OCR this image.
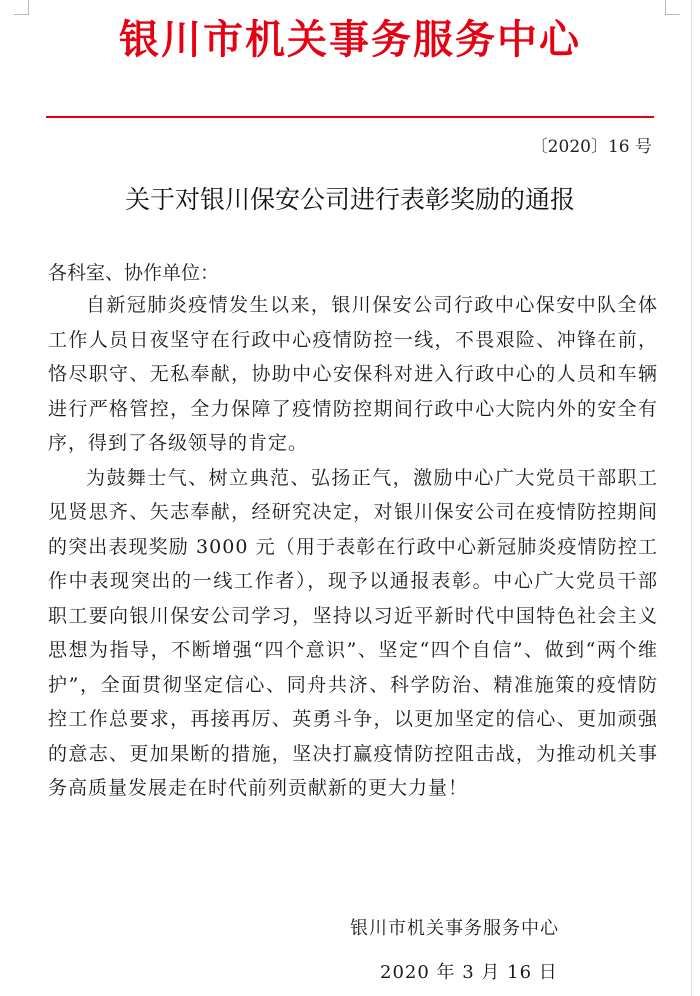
银川市机关事务服务中心
〔2020〕16 号
关于对银川保安公司进行表彰奖励的通报
各科室、协作单位：

自新冠肺炎疫情发生以来，银川保安公司行政中心保安中队全体工作人员日夜坚守在行政中心疫情防控一线，不畏艰险、冲锋在前，恪尽职守、无私奉献，协助中心安保科对进入行政中心的人员和车辆进行严格管控，全力保障了疫情防控期间行政中心大院内外的安全有序，得到了各级领导的肯定。

为鼓舞士气、树立典范、弘扬正气，激励中心广大党员干部职工见贤思齐、矢志奉献，经研究决定，对银川保安公司在疫情防控期间的突出表现奖励 3000 元（用于表彰在行政中心新冠肺炎疫情防控工作中表现突出的一线工作者），现予以通报表彰。中心广大党员干部职工要向银川保安公司学习，坚持以习近平新时代中国特色社会主义思想为指导，不断增强“四个意识”、坚定“四个自信”、做到“两个维护”，全面贯彻坚定信心、同舟共济、科学防治、精准施策的疫情防控工作总要求，再接再厉、英勇斗争，以更加坚定的信心、更加顽强的意志、更加果断的措施，坚决打赢疫情防控阻击战，为推动机关事务高质量发展走在时代前列贡献新的更大力量！

银川市机关事务服务中心
2020 年 3 月 16 日
